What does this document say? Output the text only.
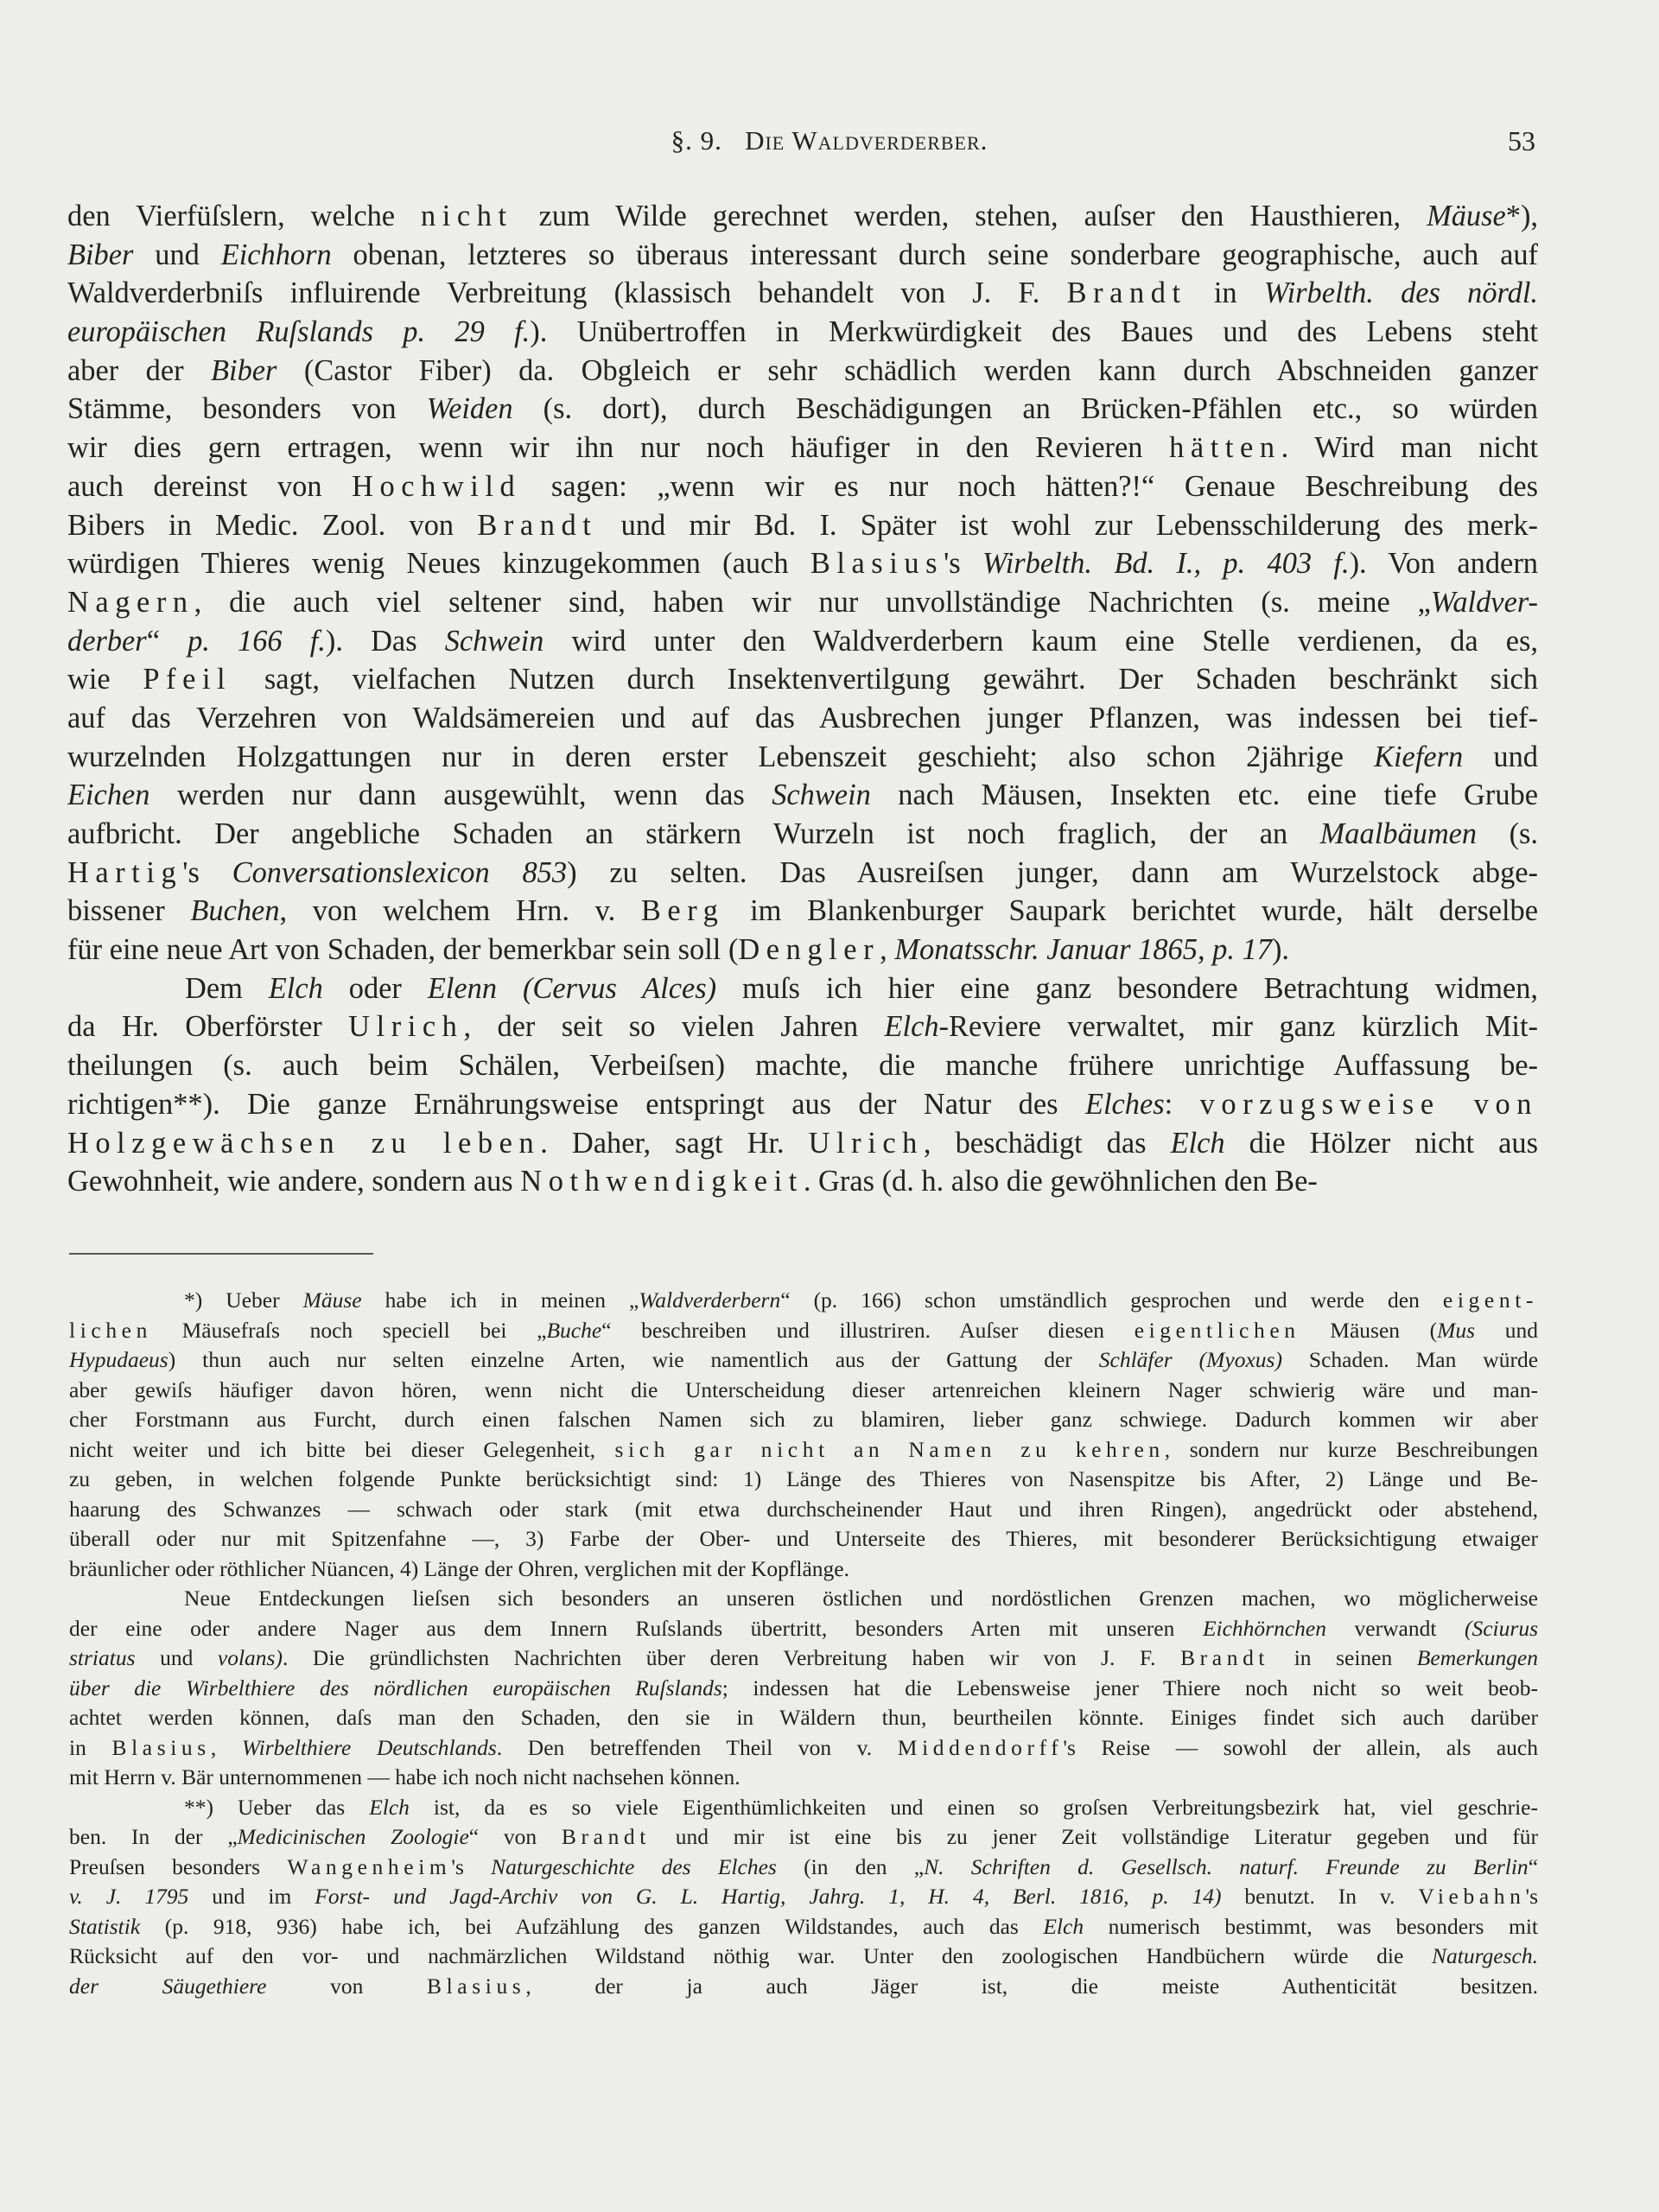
§. 9. Die Waldverderber.	53
den Vierfüſslern, welche nicht zum Wilde gerechnet werden, stehen, auſser den Hausthieren, Mäuse*),
Biber und Eichhorn obenan, letzteres so überaus interessant durch seine sonderbare geographische, auch auf
Waldverderbniſs influirende Verbreitung (klassisch behandelt von J. F. Brandt in Wirbelth. des nördl.
europäischen Ruſslands p. 29 f.). Unübertroffen in Merkwürdigkeit des Baues und des Lebens steht
aber der Biber (Castor Fiber) da. Obgleich er sehr schädlich werden kann durch Abschneiden ganzer
Stämme, besonders von Weiden (s. dort), durch Beschädigungen an Brücken-Pfählen etc., so würden
wir dies gern ertragen, wenn wir ihn nur noch häufiger in den Revieren hätten. Wird man nicht
auch dereinst von Hochwild sagen: „wenn wir es nur noch hätten?!“ Genaue Beschreibung des
Bibers in Medic. Zool. von Brandt und mir Bd. I. Später ist wohl zur Lebensschilderung des merk-
würdigen Thieres wenig Neues kinzugekommen (auch Blasius's Wirbelth. Bd. I., p. 403 f.). Von andern
Nagern, die auch viel seltener sind, haben wir nur unvollständige Nachrichten (s. meine „Waldver-
derber“ p. 166 f.). Das Schwein wird unter den Waldverderbern kaum eine Stelle verdienen, da es,
wie Pfeil sagt, vielfachen Nutzen durch Insektenvertilgung gewährt. Der Schaden beschränkt sich
auf das Verzehren von Waldsämereien und auf das Ausbrechen junger Pflanzen, was indessen bei tief-
wurzelnden Holzgattungen nur in deren erster Lebenszeit geschieht; also schon 2jährige Kiefern und
Eichen werden nur dann ausgewühlt, wenn das Schwein nach Mäusen, Insekten etc. eine tiefe Grube
aufbricht. Der angebliche Schaden an stärkern Wurzeln ist noch fraglich, der an Maalbäumen (s.
Hartig's Conversationslexicon 853) zu selten. Das Ausreiſsen junger, dann am Wurzelstock abge-
bissener Buchen, von welchem Hrn. v. Berg im Blankenburger Saupark berichtet wurde, hält derselbe
für eine neue Art von Schaden, der bemerkbar sein soll (Dengler, Monatsschr. Januar 1865, p. 17).
Dem Elch oder Elenn (Cervus Alces) muſs ich hier eine ganz besondere Betrachtung widmen,
da Hr. Oberförster Ulrich, der seit so vielen Jahren Elch-Reviere verwaltet, mir ganz kürzlich Mit-
theilungen (s. auch beim Schälen, Verbeiſsen) machte, die manche frühere unrichtige Auffassung be-
richtigen**). Die ganze Ernährungsweise entspringt aus der Natur des Elches: vorzugsweise von
Holzgewächsen zu leben. Daher, sagt Hr. Ulrich, beschädigt das Elch die Hölzer nicht aus
Gewohnheit, wie andere, sondern aus Nothwendigkeit. Gras (d. h. also die gewöhnlichen den Be-
*) Ueber Mäuse habe ich in meinen „Waldverderbern“ (p. 166) schon umständlich gesprochen und werde den eigent-
lichen Mäusefraſs noch speciell bei „Buche“ beschreiben und illustriren. Auſser diesen eigentlichen Mäusen (Mus und
Hypudaeus) thun auch nur selten einzelne Arten, wie namentlich aus der Gattung der Schläfer (Myoxus) Schaden. Man würde
aber gewiſs häufiger davon hören, wenn nicht die Unterscheidung dieser artenreichen kleinern Nager schwierig wäre und man-
cher Forstmann aus Furcht, durch einen falschen Namen sich zu blamiren, lieber ganz schwiege. Dadurch kommen wir aber
nicht weiter und ich bitte bei dieser Gelegenheit, sich gar nicht an Namen zu kehren, sondern nur kurze Beschreibungen
zu geben, in welchen folgende Punkte berücksichtigt sind: 1) Länge des Thieres von Nasenspitze bis After, 2) Länge und Be-
haarung des Schwanzes — schwach oder stark (mit etwa durchscheinender Haut und ihren Ringen), angedrückt oder abstehend,
überall oder nur mit Spitzenfahne —, 3) Farbe der Ober- und Unterseite des Thieres, mit besonderer Berücksichtigung etwaiger
bräunlicher oder röthlicher Nüancen, 4) Länge der Ohren, verglichen mit der Kopflänge.
Neue Entdeckungen lieſsen sich besonders an unseren östlichen und nordöstlichen Grenzen machen, wo möglicherweise
der eine oder andere Nager aus dem Innern Ruſslands übertritt, besonders Arten mit unseren Eichhörnchen verwandt (Sciurus
striatus und volans). Die gründlichsten Nachrichten über deren Verbreitung haben wir von J. F. Brandt in seinen Bemerkungen
über die Wirbelthiere des nördlichen europäischen Ruſslands; indessen hat die Lebensweise jener Thiere noch nicht so weit beob-
achtet werden können, daſs man den Schaden, den sie in Wäldern thun, beurtheilen könnte. Einiges findet sich auch darüber
in Blasius, Wirbelthiere Deutschlands. Den betreffenden Theil von v. Middendorff's Reise — sowohl der allein, als auch
mit Herrn v. Bär unternommenen — habe ich noch nicht nachsehen können.
**) Ueber das Elch ist, da es so viele Eigenthümlichkeiten und einen so groſsen Verbreitungsbezirk hat, viel geschrie-
ben. In der „Medicinischen Zoologie“ von Brandt und mir ist eine bis zu jener Zeit vollständige Literatur gegeben und für
Preuſsen besonders Wangenheim's Naturgeschichte des Elches (in den „N. Schriften d. Gesellsch. naturf. Freunde zu Berlin“
v. J. 1795 und im Forst- und Jagd-Archiv von G. L. Hartig, Jahrg. 1, H. 4, Berl. 1816, p. 14) benutzt. In v. Viebahn's
Statistik (p. 918, 936) habe ich, bei Aufzählung des ganzen Wildstandes, auch das Elch numerisch bestimmt, was besonders mit
Rücksicht auf den vor- und nachmärzlichen Wildstand nöthig war. Unter den zoologischen Handbüchern würde die Naturgesch.
der Säugethiere von Blasius, der ja auch Jäger ist, die meiste Authenticität besitzen.
